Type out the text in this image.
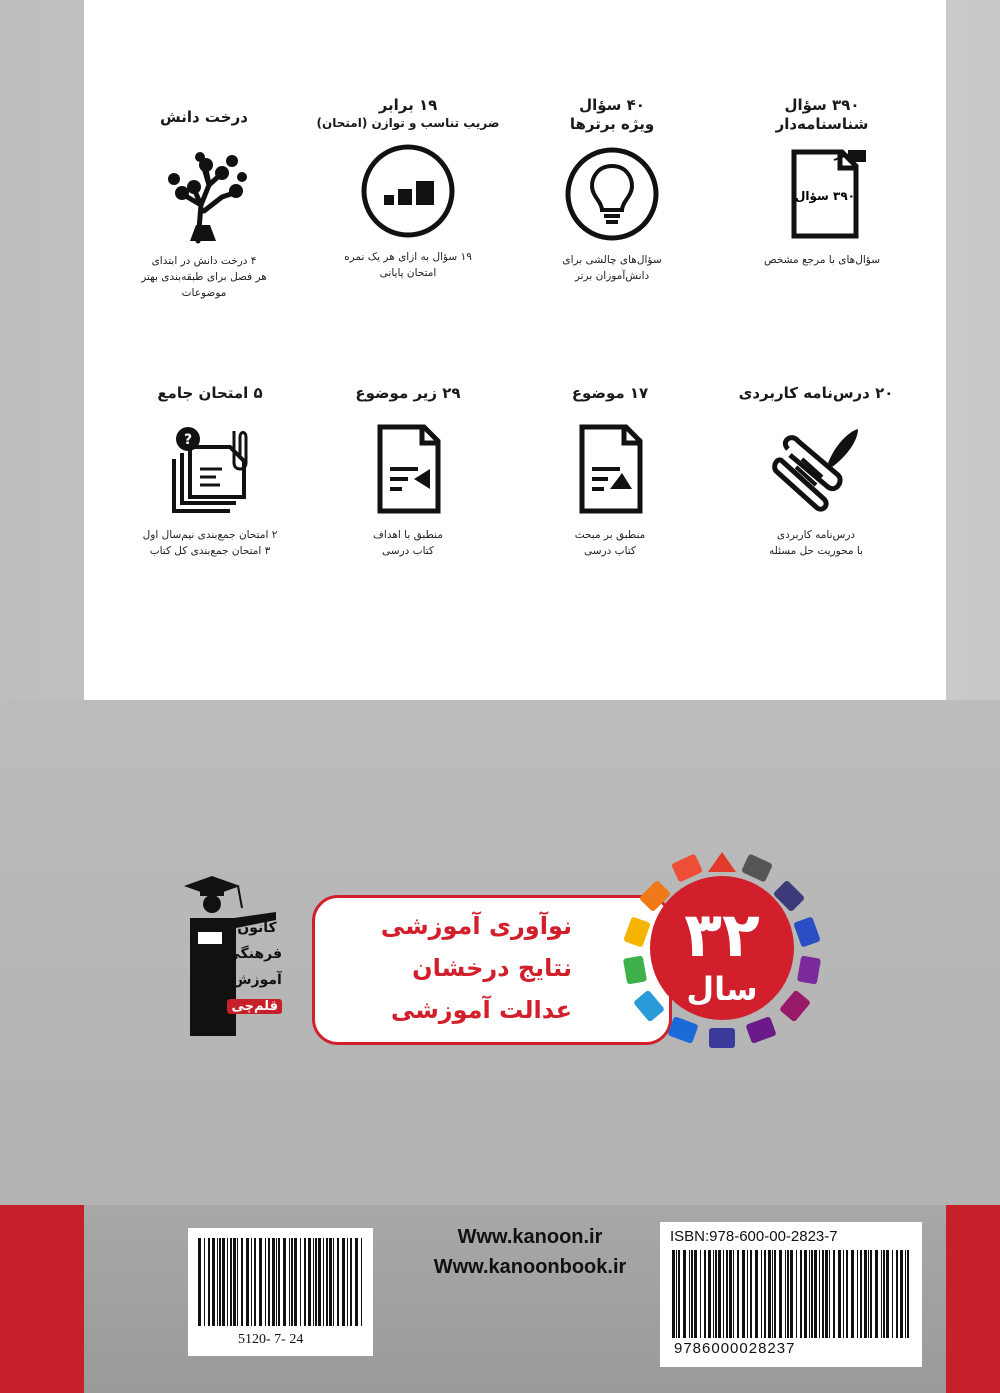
۳۹۰ سؤال
شناسنامه‌دار
۳۹۰ سؤال
سؤال‌های با مرجع مشخص
۴۰ سؤال
ویژه برترها
سؤال‌های چالشی برای
دانش‌آموزان برتر
۱۹ برابر
ضریب تناسب و توازن (امتحان)
۱۹ سؤال به ازای هر یک نمره
امتحان پایانی
درخت دانش
۴ درخت دانش در ابتدای
هر فصل برای طبقه‌بندی بهتر
موضوعات
۲۰ درس‌نامه کاربردی
درس‌نامه کاربردی
با محوریت حل مسئله
۱۷ موضوع
منطبق بر مبحث
کتاب درسی
۲۹ زیر موضوع
منطبق با اهداف
کتاب درسی
۵ امتحان جامع
?
۲ امتحان جمع‌بندی نیم‌سال اول
۳ امتحان جمع‌بندی کل کتاب
کانون
فرهنگی
آموزش
قلم‌چی
نوآوری آموزشی
نتایج درخشان
عدالت آموزشی
۳۲
سال
5120- 7- 24
Www.kanoon.ir
Www.kanoonbook.ir
ISBN:978-600-00-2823-7
9786000028237
